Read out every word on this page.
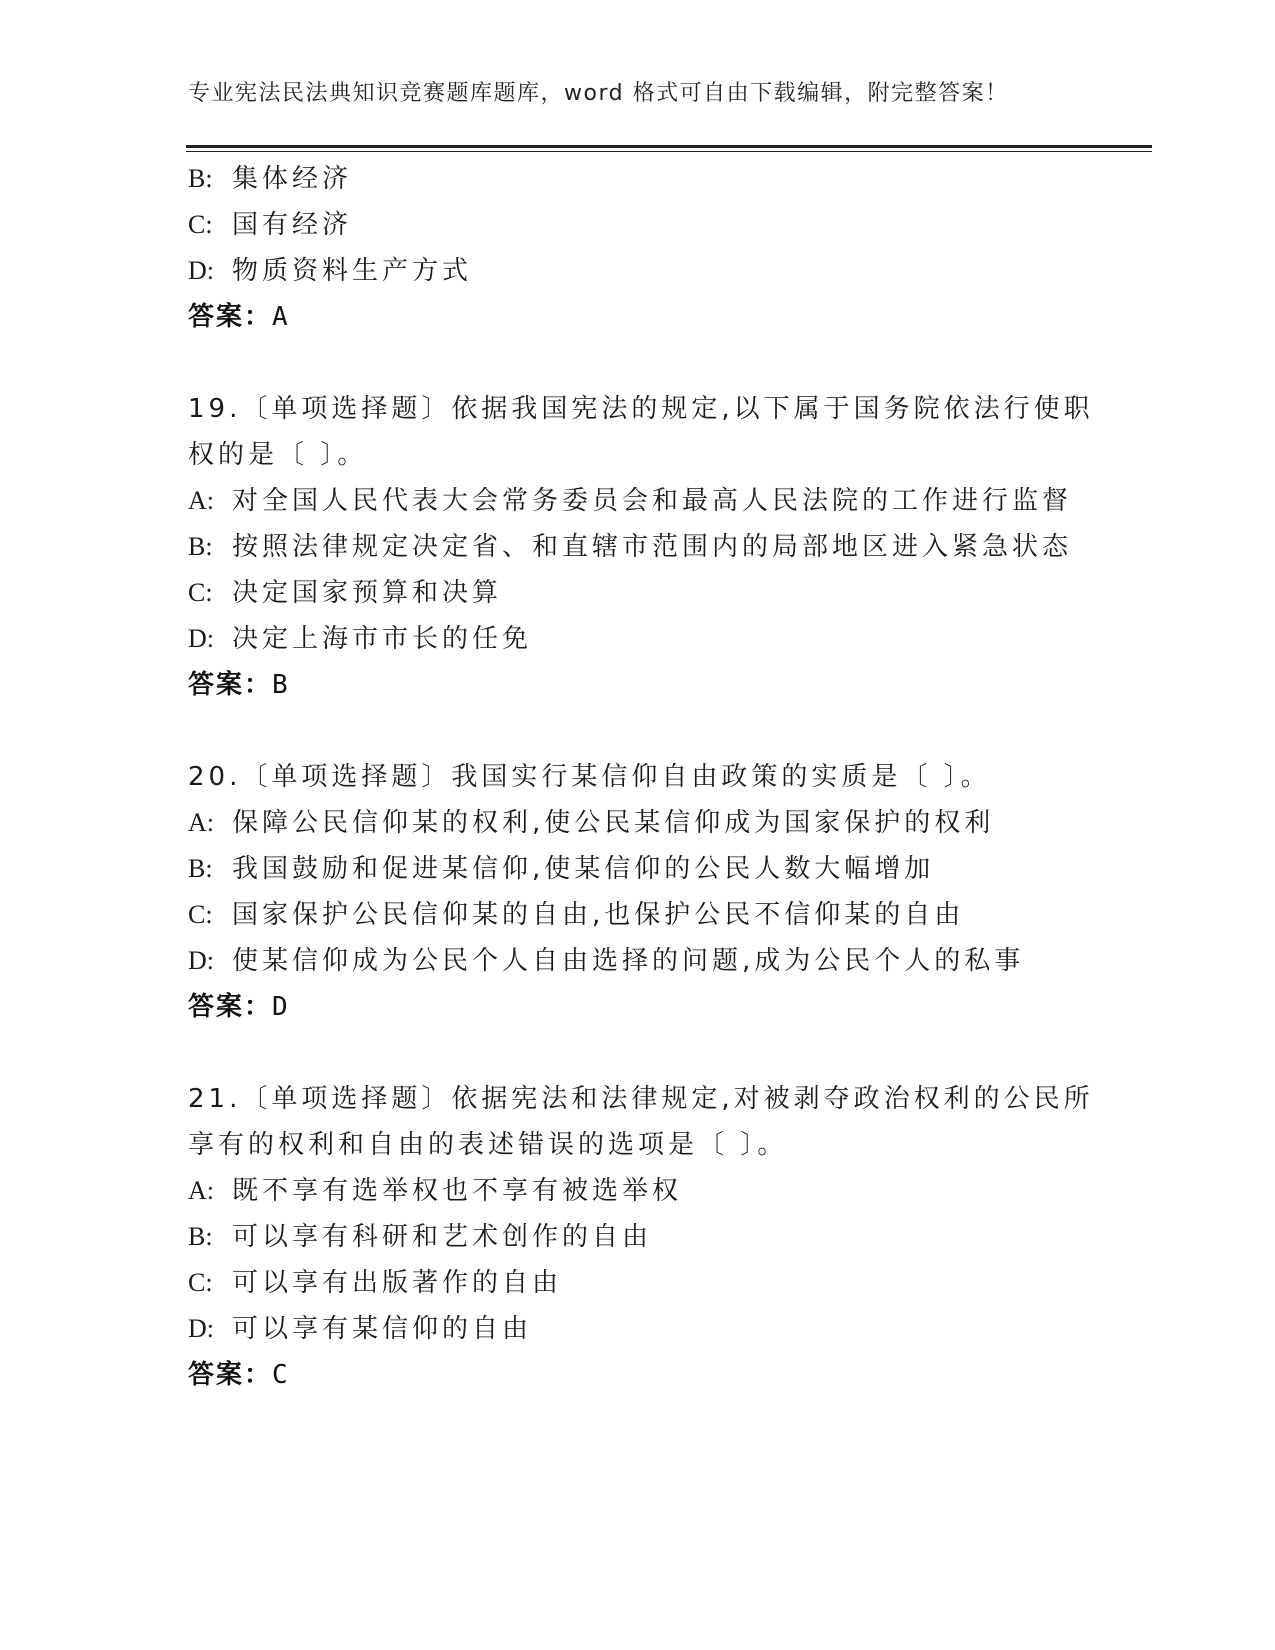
专业宪法民法典知识竞赛题库题库，word 格式可自由下载编辑，附完整答案！
B: 集体经济
C: 国有经济
D: 物质资料生产方式
答案：A
19.〔单项选择题〕依据我国宪法的规定,以下属于国务院依法行使职
权的是〔 〕。
A: 对全国人民代表大会常务委员会和最高人民法院的工作进行监督
B: 按照法律规定决定省、和直辖市范围内的局部地区进入紧急状态
C: 决定国家预算和决算
D: 决定上海市市长的任免
答案：B
20.〔单项选择题〕我国实行某信仰自由政策的实质是〔 〕。
A: 保障公民信仰某的权利,使公民某信仰成为国家保护的权利
B: 我国鼓励和促进某信仰,使某信仰的公民人数大幅增加
C: 国家保护公民信仰某的自由,也保护公民不信仰某的自由
D: 使某信仰成为公民个人自由选择的问题,成为公民个人的私事
答案：D
21.〔单项选择题〕依据宪法和法律规定,对被剥夺政治权利的公民所
享有的权利和自由的表述错误的选项是〔 〕。
A: 既不享有选举权也不享有被选举权
B: 可以享有科研和艺术创作的自由
C: 可以享有出版著作的自由
D: 可以享有某信仰的自由
答案：C
